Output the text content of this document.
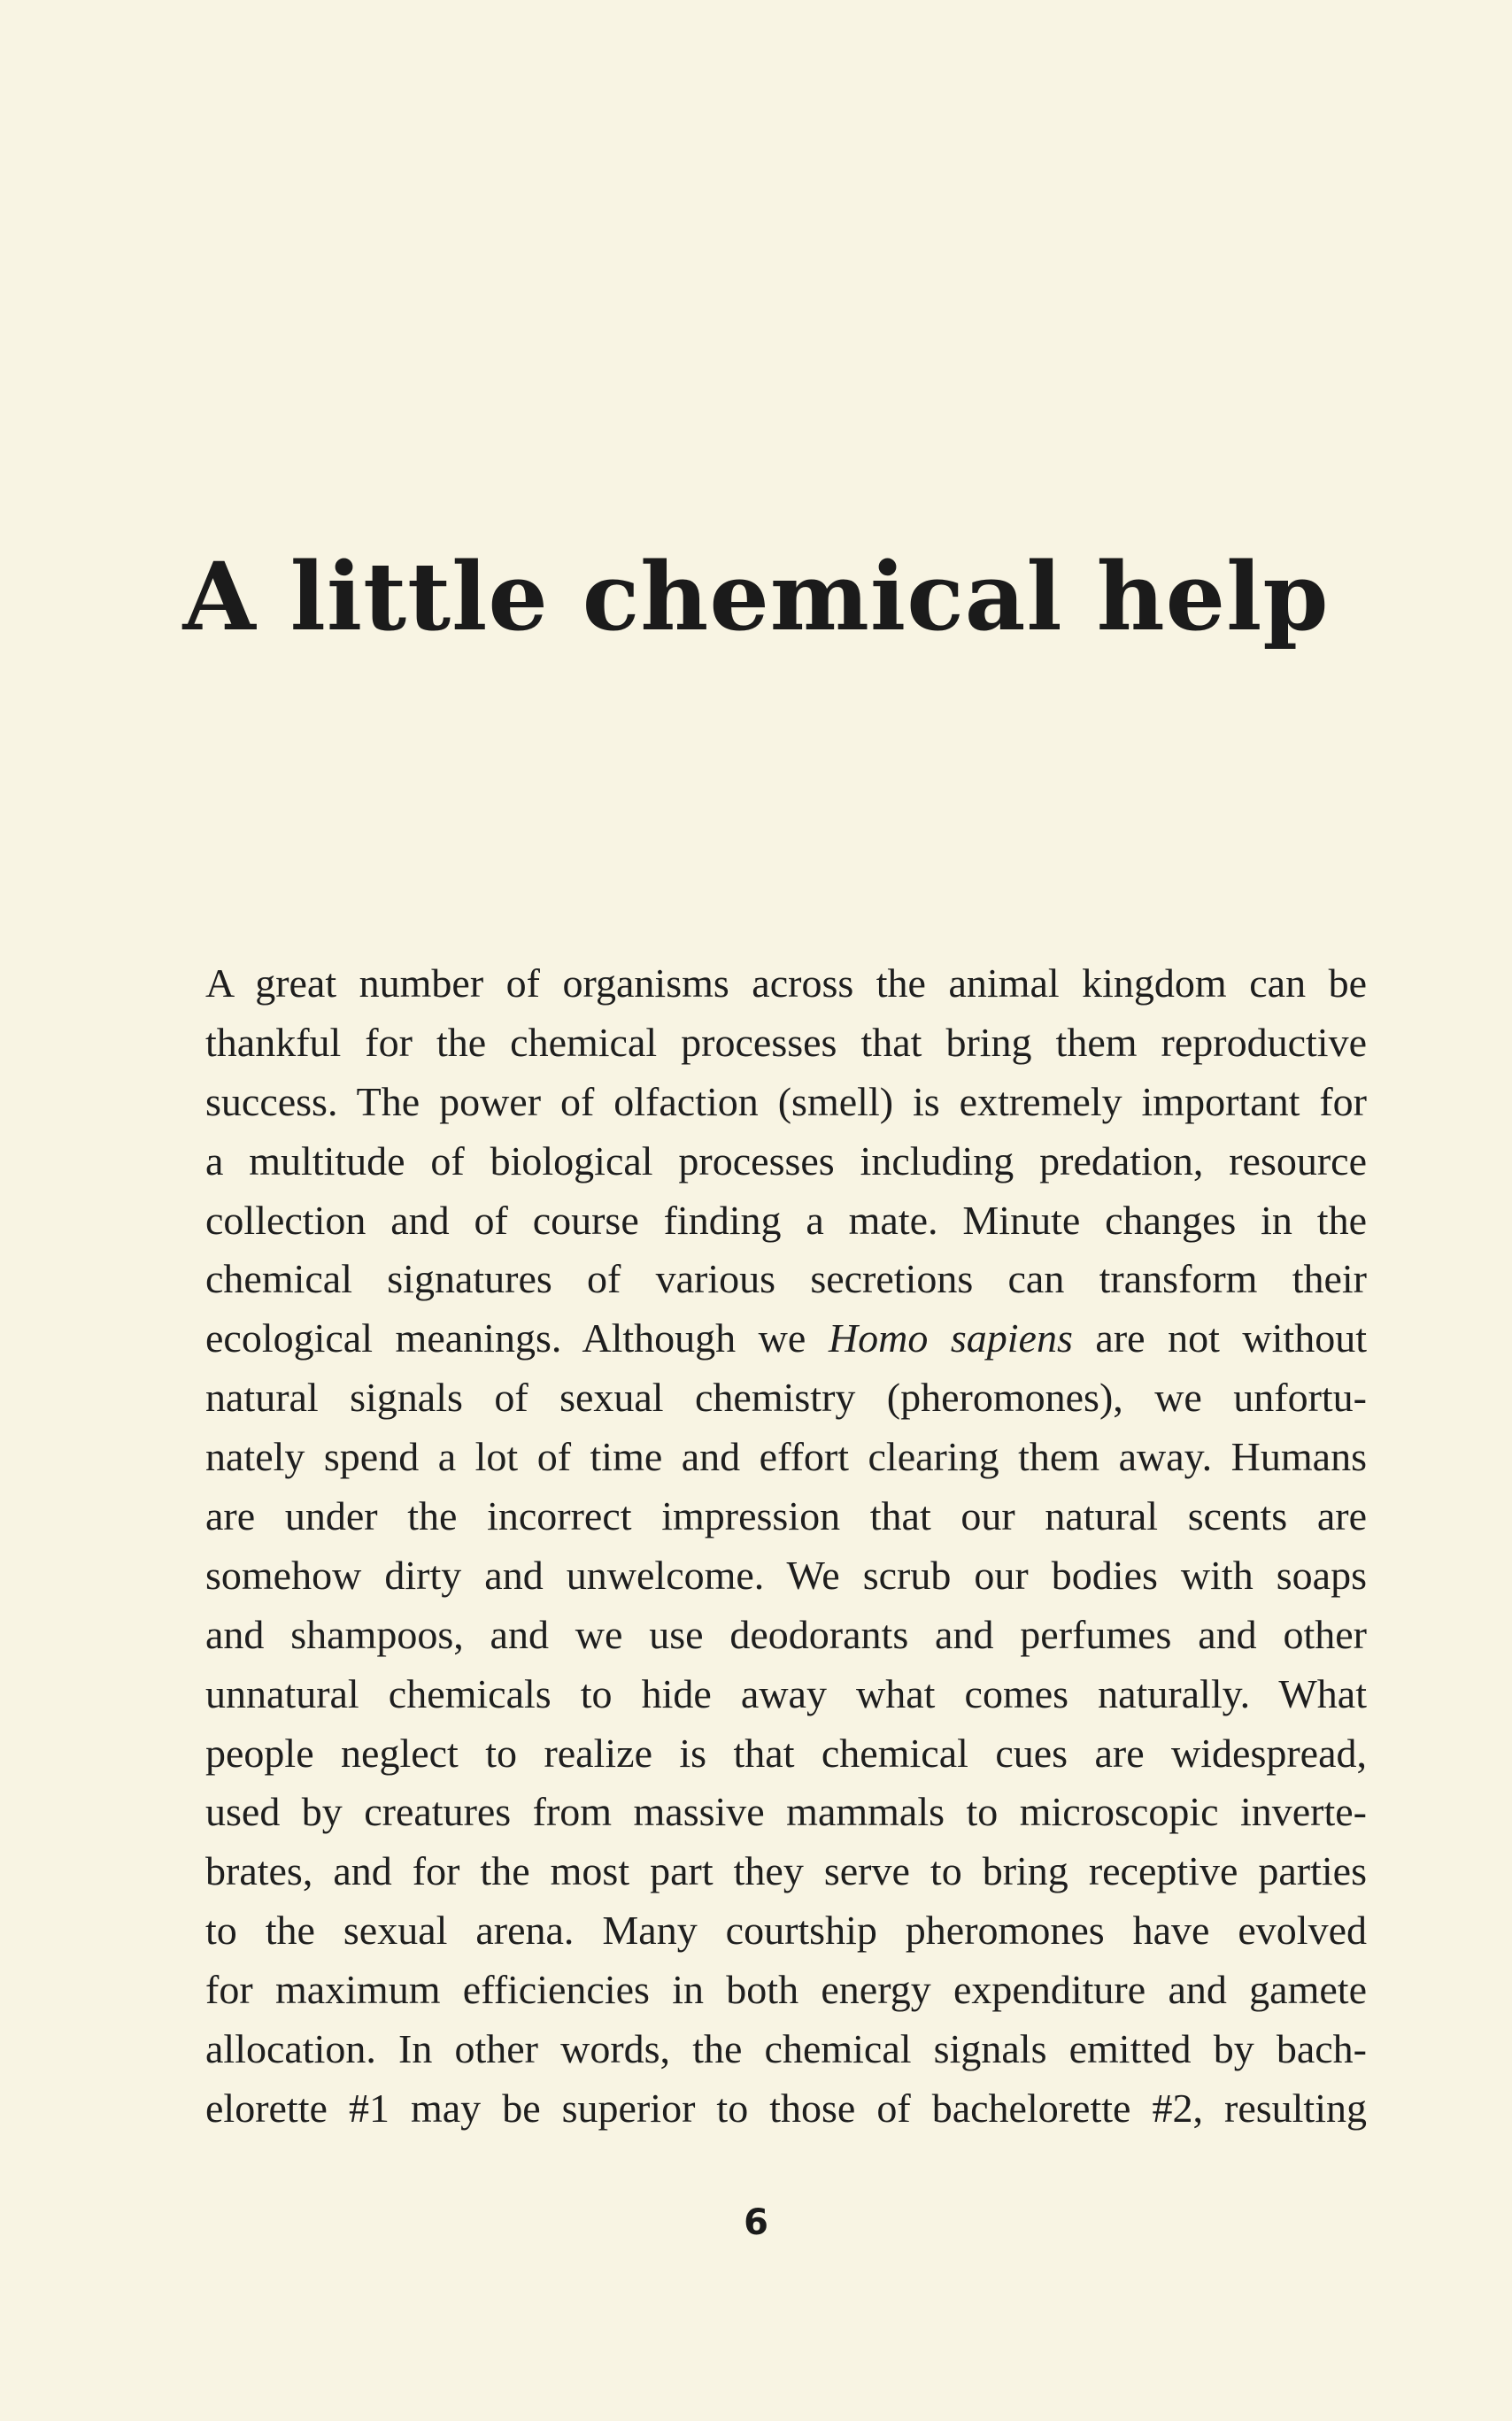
A little chemical help
A great number of organisms across the animal kingdom can be
thankful for the chemical processes that bring them reproductive
success. The power of olfaction (smell) is extremely important for
a multitude of biological processes including predation, resource
collection and of course finding a mate. Minute changes in the
chemical signatures of various secretions can transform their
ecological meanings. Although we Homo sapiens are not without
natural signals of sexual chemistry (pheromones), we unfortu-
nately spend a lot of time and effort clearing them away. Humans
are under the incorrect impression that our natural scents are
somehow dirty and unwelcome. We scrub our bodies with soaps
and shampoos, and we use deodorants and perfumes and other
unnatural chemicals to hide away what comes naturally. What
people neglect to realize is that chemical cues are widespread,
used by creatures from massive mammals to microscopic inverte-
brates, and for the most part they serve to bring receptive parties
to the sexual arena. Many courtship pheromones have evolved
for maximum efficiencies in both energy expenditure and gamete
allocation. In other words, the chemical signals emitted by bach-
elorette #1 may be superior to those of bachelorette #2, resulting
6
